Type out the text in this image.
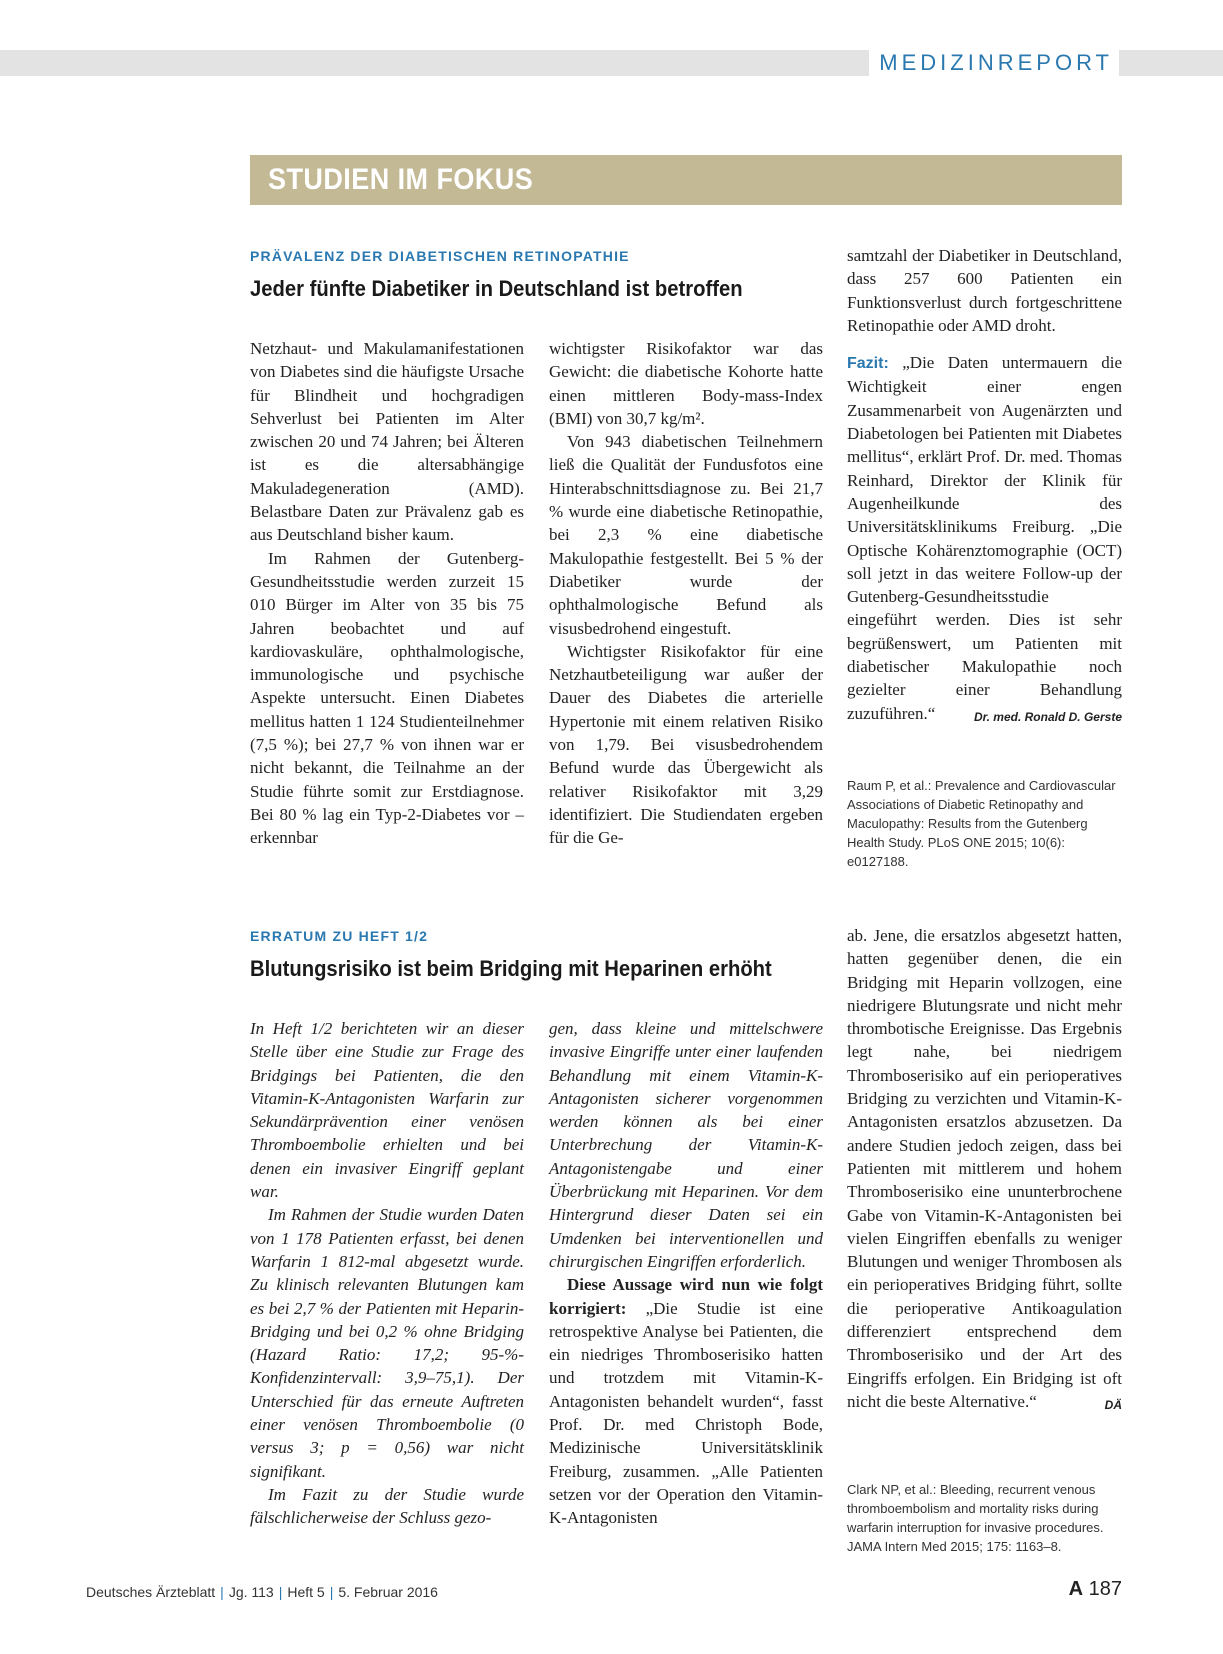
MEDIZINREPORT
STUDIEN IM FOKUS
PRÄVALENZ DER DIABETISCHEN RETINOPATHIE
Jeder fünfte Diabetiker in Deutschland ist betroffen

Netzhaut- und Makulamanifestationen von Diabetes sind die häufigste Ursache für Blindheit und hochgradigen Sehverlust bei Patienten im Alter zwischen 20 und 74 Jahren; bei Älteren ist es die altersabhängige Makuladegeneration (AMD). Belastbare Daten zur Prävalenz gab es aus Deutschland bisher kaum.

Im Rahmen der Gutenberg-Gesundheitsstudie werden zurzeit 15 010 Bürger im Alter von 35 bis 75 Jahren beobachtet und auf kardiovaskuläre, ophthalmologische, immunologische und psychische Aspekte untersucht. Einen Diabetes mellitus hatten 1 124 Studienteilnehmer (7,5 %); bei 27,7 % von ihnen war er nicht bekannt, die Teilnahme an der Studie führte somit zur Erstdiagnose. Bei 80 % lag ein Typ-2-Diabetes vor – erkennbar

wichtigster Risikofaktor war das Gewicht: die diabetische Kohorte hatte einen mittleren Body-mass-Index (BMI) von 30,7 kg/m².

Von 943 diabetischen Teilnehmern ließ die Qualität der Fundusfotos eine Hinterabschnittsdiagnose zu. Bei 21,7 % wurde eine diabetische Retinopathie, bei 2,3 % eine diabetische Makulopathie festgestellt. Bei 5 % der Diabetiker wurde der ophthalmologische Befund als visusbedrohend eingestuft.

Wichtigster Risikofaktor für eine Netzhautbeteiligung war außer der Dauer des Diabetes die arterielle Hypertonie mit einem relativen Risiko von 1,79. Bei visusbedrohendem Befund wurde das Übergewicht als relativer Risikofaktor mit 3,29 identifiziert. Die Studiendaten ergeben für die Ge-

samtzahl der Diabetiker in Deutschland, dass 257 600 Patienten ein Funktionsverlust durch fortgeschrittene Retinopathie oder AMD droht.

Fazit: „Die Daten untermauern die Wichtigkeit einer engen Zusammenarbeit von Augenärzten und Diabetologen bei Patienten mit Diabetes mellitus“, erklärt Prof. Dr. med. Thomas Reinhard, Direktor der Klinik für Augenheilkunde des Universitätsklinikums Freiburg. „Die Optische Kohärenztomographie (OCT) soll jetzt in das weitere Follow-up der Gutenberg-Gesundheitsstudie eingeführt werden. Dies ist sehr begrüßenswert, um Patienten mit diabetischer Makulopathie noch gezielter einer Behandlung zuzuführen.“	Dr. med. Ronald D. Gerste

Raum P, et al.: Prevalence and Cardiovascular Associations of Diabetic Retinopathy and Maculopathy: Results from the Gutenberg Health Study. PLoS ONE 2015; 10(6): e0127188.
ERRATUM ZU HEFT 1/2
Blutungsrisiko ist beim Bridging mit Heparinen erhöht

In Heft 1/2 berichteten wir an dieser Stelle über eine Studie zur Frage des Bridgings bei Patienten, die den Vitamin-K-Antagonisten Warfarin zur Sekundärprävention einer venösen Thromboembolie erhielten und bei denen ein invasiver Eingriff geplant war.

Im Rahmen der Studie wurden Daten von 1 178 Patienten erfasst, bei denen Warfarin 1 812-mal abgesetzt wurde. Zu klinisch relevanten Blutungen kam es bei 2,7 % der Patienten mit Heparin-Bridging und bei 0,2 % ohne Bridging (Hazard Ratio: 17,2; 95-%-Konfidenzintervall: 3,9–75,1). Der Unterschied für das erneute Auftreten einer venösen Thromboembolie (0 versus 3; p = 0,56) war nicht signifikant.

Im Fazit zu der Studie wurde fälschlicherweise der Schluss gezo-

gen, dass kleine und mittelschwere invasive Eingriffe unter einer laufenden Behandlung mit einem Vitamin-K-Antagonisten sicherer vorgenommen werden können als bei einer Unterbrechung der Vitamin-K-Antagonistengabe und einer Überbrückung mit Heparinen. Vor dem Hintergrund dieser Daten sei ein Umdenken bei interventionellen und chirurgischen Eingriffen erforderlich.

Diese Aussage wird nun wie folgt korrigiert: „Die Studie ist eine retrospektive Analyse bei Patienten, die ein niedriges Thromboserisiko hatten und trotzdem mit Vitamin-K-Antagonisten behandelt wurden“, fasst Prof. Dr. med Christoph Bode, Medizinische Universitätsklinik Freiburg, zusammen. „Alle Patienten setzen vor der Operation den Vitamin-K-Antagonisten

ab. Jene, die ersatzlos abgesetzt hatten, hatten gegenüber denen, die ein Bridging mit Heparin vollzogen, eine niedrigere Blutungsrate und nicht mehr thrombotische Ereignisse. Das Ergebnis legt nahe, bei niedrigem Thromboserisiko auf ein perioperatives Bridging zu verzichten und Vitamin-K-Antagonisten ersatzlos abzusetzen. Da andere Studien jedoch zeigen, dass bei Patienten mit mittlerem und hohem Thromboserisiko eine ununterbrochene Gabe von Vitamin-K-Antagonisten bei vielen Eingriffen ebenfalls zu weniger Blutungen und weniger Thrombosen als ein perioperatives Bridging führt, sollte die perioperative Antikoagulation differenziert entsprechend dem Thromboserisiko und der Art des Eingriffs erfolgen. Ein Bridging ist oft nicht die beste Alternative.“	DÄ

Clark NP, et al.: Bleeding, recurrent venous thromboembolism and mortality risks during warfarin interruption for invasive procedures. JAMA Intern Med 2015; 175: 1163–8.
Deutsches Ärzteblatt | Jg. 113 | Heft 5 | 5. Februar 2016	A 187
